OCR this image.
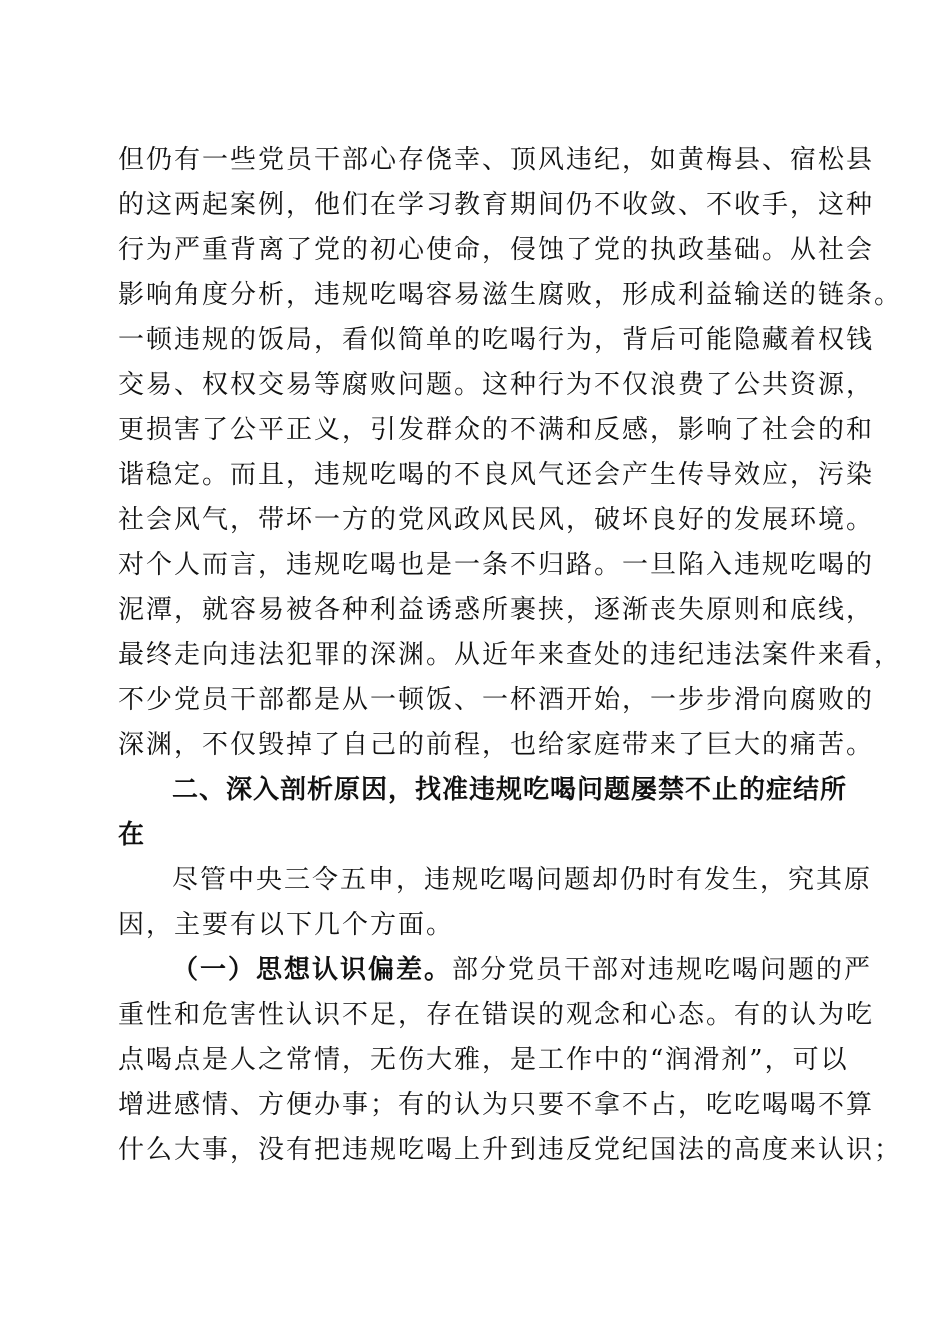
但仍有一些党员干部心存侥幸、顶风违纪，如黄梅县、宿松县
的这两起案例，他们在学习教育期间仍不收敛、不收手，这种
行为严重背离了党的初心使命，侵蚀了党的执政基础。从社会
影响角度分析，违规吃喝容易滋生腐败，形成利益输送的链条。
一顿违规的饭局，看似简单的吃喝行为，背后可能隐藏着权钱
交易、权权交易等腐败问题。这种行为不仅浪费了公共资源，
更损害了公平正义，引发群众的不满和反感，影响了社会的和
谐稳定。而且，违规吃喝的不良风气还会产生传导效应，污染
社会风气，带坏一方的党风政风民风，破坏良好的发展环境。
对个人而言，违规吃喝也是一条不归路。一旦陷入违规吃喝的
泥潭，就容易被各种利益诱惑所裹挟，逐渐丧失原则和底线，
最终走向违法犯罪的深渊。从近年来查处的违纪违法案件来看，
不少党员干部都是从一顿饭、一杯酒开始，一步步滑向腐败的
深渊，不仅毁掉了自己的前程，也给家庭带来了巨大的痛苦。
二、深入剖析原因，找准违规吃喝问题屡禁不止的症结所
在
尽管中央三令五申，违规吃喝问题却仍时有发生，究其原
因，主要有以下几个方面。
（一）思想认识偏差。部分党员干部对违规吃喝问题的严
重性和危害性认识不足，存在错误的观念和心态。有的认为吃
点喝点是人之常情，无伤大雅，是工作中的“润滑剂”，可以
增进感情、方便办事；有的认为只要不拿不占，吃吃喝喝不算
什么大事，没有把违规吃喝上升到违反党纪国法的高度来认识；
